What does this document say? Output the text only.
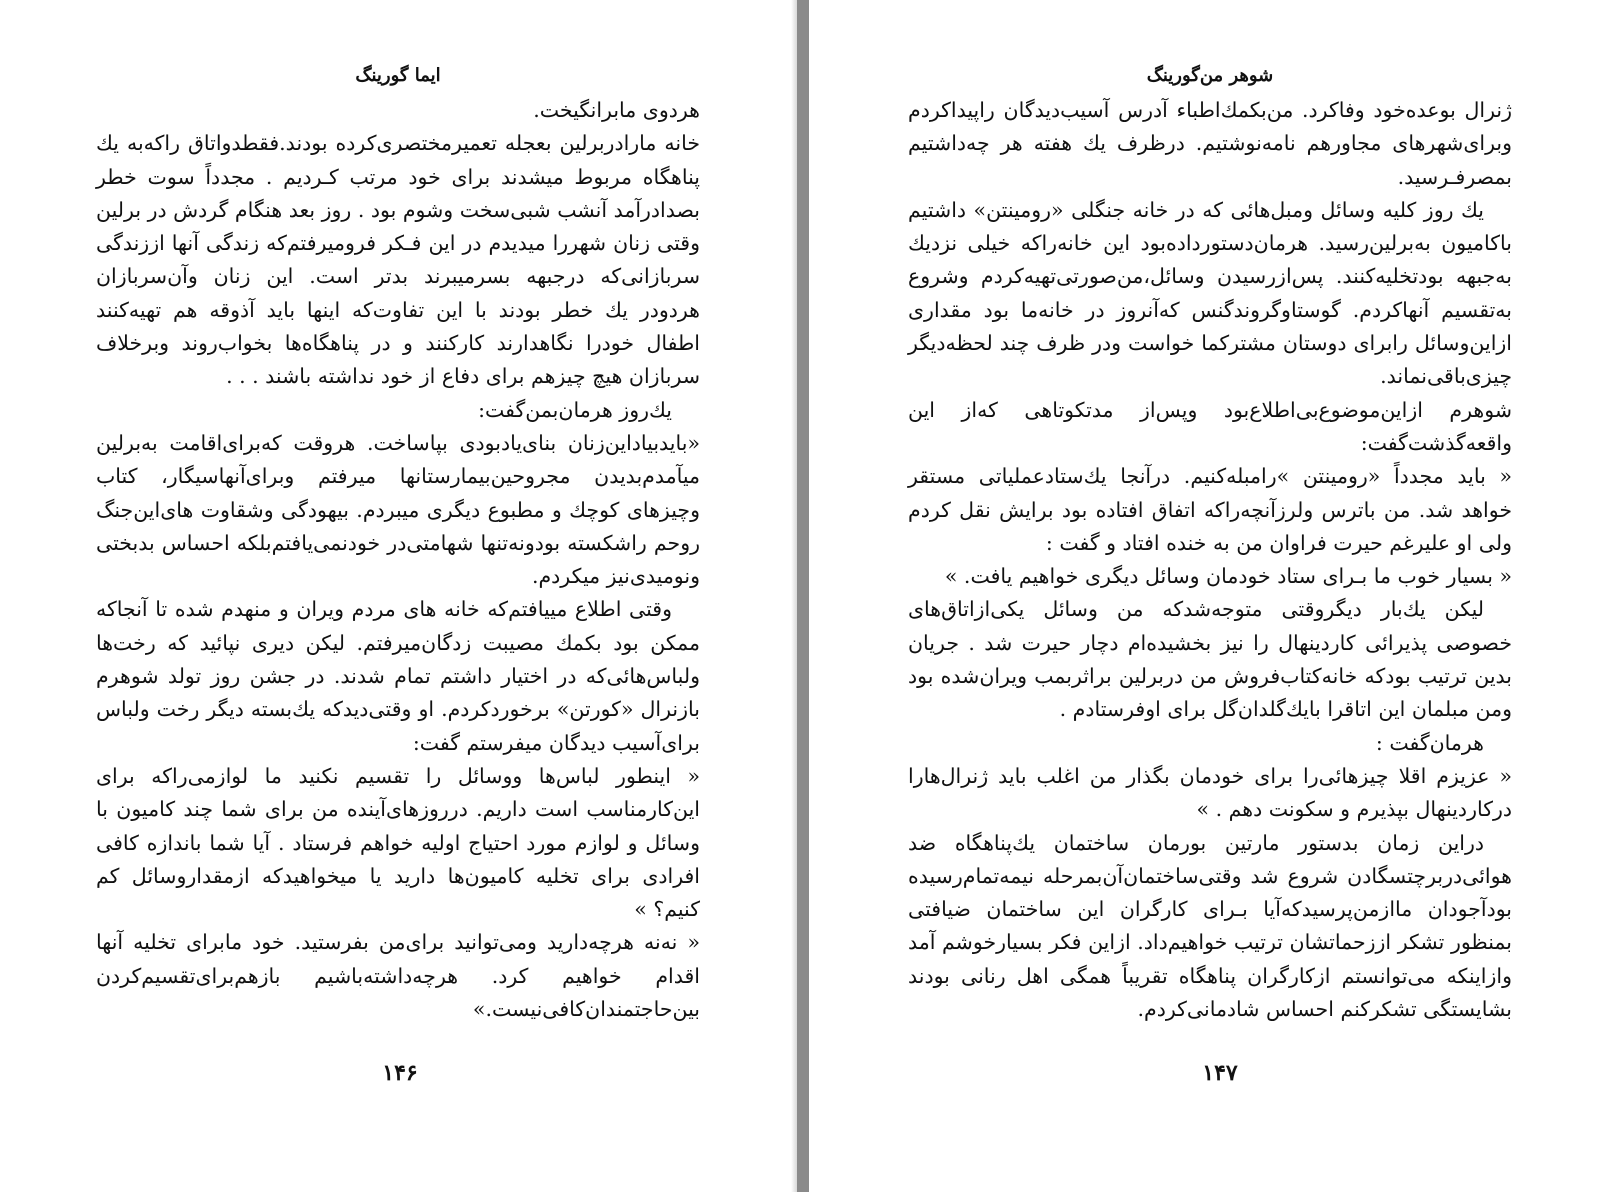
ایما گورینگ

هردوی مابرانگیخت.

خانه مارادربرلین بعجله تعمیرمختصری‌کرده بودند.فقطدواتاق راکه‌به یك پناهگاه مربوط میشدند برای خود مرتب کـردیم . مجدداً سوت خطر بصدادرآمد آنشب شبی‌سخت وشوم بود . روز بعد هنگام گردش در برلین وقتی زنان شهررا میدیدم در این فـکر فرومیرفتم‌که زندگی آنها اززندگی سربازانی‌که درجبهه بسرمیبرند بدتر است. این زنان وآن‌سربازان هردودر یك خطر بودند با این تفاوت‌که اینها باید آذوقه هم تهیه‌کنند اطفال خودرا نگاهدارند کارکنند و در پناهگاه‌ها بخواب‌روند وبرخلاف سربازان هیچ چیزهم برای دفاع از خود نداشته باشند . . .

یك‌روز هرمان‌بمن‌گفت:

«بایدبیاداین‌زنان بنای‌یادبودی بپاساخت. هروقت که‌برای‌اقامت به‌برلین میآمدم‌بدیدن مجروحین‌بیمارستانها میرفتم وبرای‌آنهاسیگار، کتاب وچیزهای کوچك و مطبوع دیگری میبردم. بیهودگی وشقاوت های‌این‌جنگ روحم راشکسته بودونه‌تنها شهامتی‌در خودنمی‌یافتم‌بلکه احساس بدبختی ونومیدی‌نیز میکردم.

وقتی اطلاع مییافتم‌که خانه های مردم ویران و منهدم شده تا آنجاکه ممکن بود بکمك مصیبت زدگان‌میرفتم. لیکن دیری نپائید که رخت‌ها ولباس‌هائی‌که در اختیار داشتم تمام شدند. در جشن روز تولد شوهرم بازنرال «کورتن» برخوردکردم. او وقتی‌دیدکه یك‌بسته دیگر رخت ولباس برای‌آسیب دیدگان میفرستم گفت:

« اینطور لباس‌ها ووسائل را تقسیم نکنید ما لوازمی‌راکه برای این‌کارمناسب است داریم. درروزهای‌آینده من برای شما چند کامیون با وسائل و لوازم مورد احتیاج اولیه خواهم فرستاد . آیا شما باندازه کافی افرادی برای تخلیه کامیون‌ها دارید یا میخواهیدکه ازمقداروسائل کم کنیم؟ »

« نه‌نه هرچه‌دارید ومی‌توانید برای‌من بفرستید. خود مابرای تخلیه آنها اقدام خواهیم کرد. هرچه‌داشته‌باشیم بازهم‌برای‌تقسیم‌کردن بین‌حاجتمندان‌کافی‌نیست.»

۱۴۶
شوهر من‌گورینگ

ژنرال بوعده‌خود وفاکرد. من‌بکمك‌اطباء آدرس آسیب‌دیدگان راپیداکردم وبرای‌شهرهای مجاورهم نامه‌نوشتیم. درظرف یك هفته هر چه‌داشتیم بمصرفـرسید.

یك روز کلیه وسائل ومبل‌هائی که در خانه جنگلی «رومینتن» داشتیم باکامیون به‌برلین‌رسید. هرمان‌دستورداده‌بود این خانه‌راکه خیلی نزدیك به‌جبهه بودتخلیه‌کنند. پس‌ازرسیدن وسائل،من‌صورتی‌تهیه‌کردم وشروع به‌تقسیم آنهاکردم. گوستاوگروندگنس که‌آنروز در خانه‌ما بود مقداری ازاین‌وسائل رابرای دوستان مشترکما خواست ودر ظرف چند لحظه‌دیگر چیزی‌باقی‌نماند.

شوهرم ازاین‌موضوع‌بی‌اطلاع‌بود وپس‌از مدتکوتاهی که‌از این واقعه‌گذشت‌گفت:

« باید مجدداً «رومینتن »رامبله‌کنیم. درآنجا یك‌ستادعملیاتی مستقر خواهد شد. من باترس ولرز‌آنچه‌راکه اتفاق افتاده بود برایش نقل کردم ولی او علیرغم حیرت فراوان من به خنده افتاد و گفت :

« بسیار خوب ما بـرای ستاد خودمان وسائل دیگری خواهیم یافت. »

لیکن یك‌بار دیگروقتی متوجه‌شدکه من وسائل یکی‌ازاتاق‌های خصوصی پذیرائی کاردینهال را نیز بخشیده‌ام دچار حیرت شد . جریان بدین ترتیب بودکه خانه‌کتاب‌فروش من دربرلین براثربمب ویران‌شده بود ومن مبلمان این اتاقرا بایك‌گلدان‌گل برای اوفرستادم .

هرمان‌گفت :

« عزیزم اقلا چیزهائی‌را برای خودمان بگذار من اغلب باید ژنرال‌هارا درکاردینهال بپذیرم و سکونت دهم . »

دراین زمان بدستور مارتین بورمان ساختمان یك‌پناهگاه ضد هوائی‌دربرچتسگادن شروع شد وقتی‌ساختمان‌آن‌بمرحله نیمه‌تمام‌رسیده بودآجودان ماازمن‌پرسیدکه‌آیا بـرای کارگران این ساختمان ضیافتی بمنظور تشکر اززحماتشان ترتیب خواهیم‌داد. ازاین فکر بسیارخوشم آمد وازاینکه می‌توانستم ازکارگران پناهگاه تقریباً همگی اهل رنانی بودند بشایستگی تشکرکنم احساس شادمانی‌کردم.

۱۴۷
